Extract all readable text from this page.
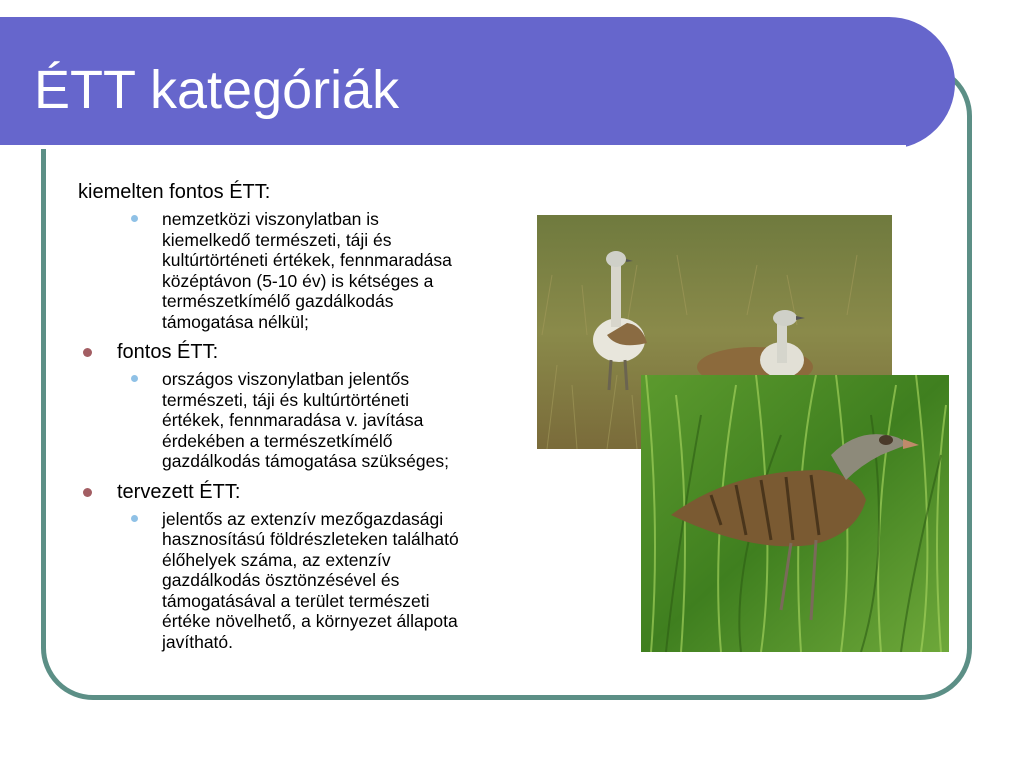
ÉTT kategóriák
kiemelten fontos ÉTT:
nemzetközi viszonylatban is
kiemelkedő természeti, táji és
kultúrtörténeti értékek, fennmaradása
középtávon (5-10 év) is kétséges a
természetkímélő gazdálkodás
támogatása nélkül;
fontos ÉTT:
országos viszonylatban jelentős
természeti, táji és kultúrtörténeti
értékek, fennmaradása v. javítása
érdekében a természetkímélő
gazdálkodás támogatása szükséges;
tervezett ÉTT:
jelentős az extenzív mezőgazdasági
hasznosítású földrészleteken található
élőhelyek száma, az extenzív
gazdálkodás ösztönzésével és
támogatásával a terület természeti
értéke növelhető, a környezet állapota
javítható.
